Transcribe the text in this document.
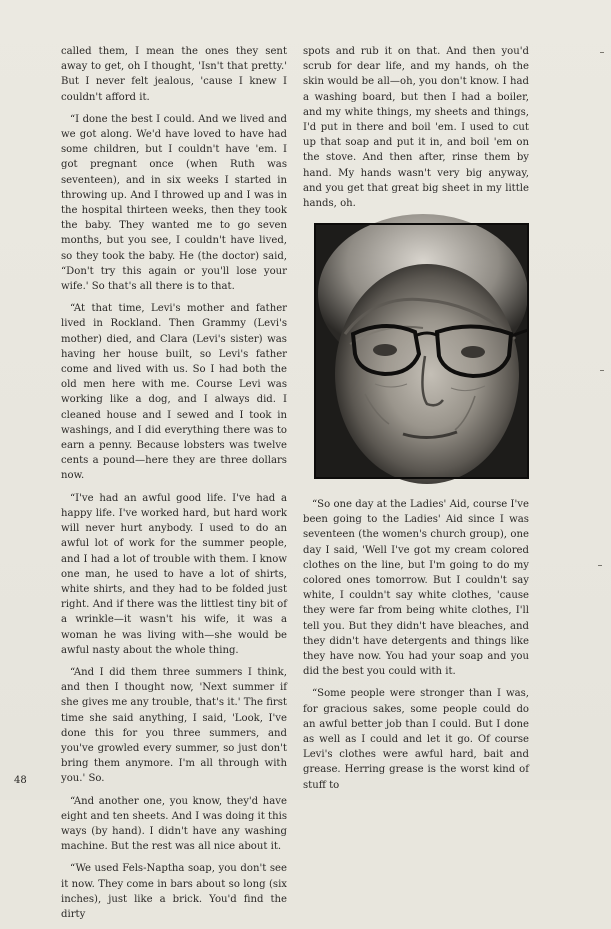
called them, I mean the ones they sent away to get, oh I thought, 'Isn't that pretty.' But I never felt jealous, 'cause I knew I couldn't afford it.

“I done the best I could. And we lived and we got along. We'd have loved to have had some children, but I couldn't have 'em. I got pregnant once (when Ruth was seventeen), and in six weeks I started in throwing up. And I throwed up and I was in the hospital thirteen weeks, then they took the baby. They wanted me to go seven months, but you see, I couldn't have lived, so they took the baby. He (the doctor) said, “Don't try this again or you'll lose your wife.' So that's all there is to that.

“At that time, Levi's mother and father lived in Rockland. Then Grammy (Levi's mother) died, and Clara (Levi's sister) was having her house built, so Levi's father come and lived with us. So I had both the old men here with me. Course Levi was working like a dog, and I always did. I cleaned house and I sewed and I took in washings, and I did everything there was to earn a penny. Because lobsters was twelve cents a pound—here they are three dollars now.

“I've had an awful good life. I've had a happy life. I've worked hard, but hard work will never hurt anybody. I used to do an awful lot of work for the summer people, and I had a lot of trouble with them. I know one man, he used to have a lot of shirts, white shirts, and they had to be folded just right. And if there was the littlest tiny bit of a wrinkle—it wasn't his wife, it was a woman he was living with—she would be awful nasty about the whole thing.

“And I did them three summers I think, and then I thought now, 'Next summer if she gives me any trouble, that's it.' The first time she said anything, I said, 'Look, I've done this for you three summers, and you've growled every summer, so just don't bring them anymore. I'm all through with you.' So.

“And another one, you know, they'd have eight and ten sheets. And I was doing it this ways (by hand). I didn't have any washing machine. But the rest was all nice about it.

“We used Fels-Naptha soap, you don't see it now. They come in bars about so long (six inches), just like a brick. You'd find the dirty

spots and rub it on that. And then you'd scrub for dear life, and my hands, oh the skin would be all—oh, you don't know. I had a washing board, but then I had a boiler, and my white things, my sheets and things, I'd put in there and boil 'em. I used to cut up that soap and put it in, and boil 'em on the stove. And then after, rinse them by hand. My hands wasn't very big anyway, and you get that great big sheet in my little hands, oh.

“So one day at the Ladies' Aid, course I've been going to the Ladies' Aid since I was seventeen (the women's church group), one day I said, 'Well I've got my cream colored clothes on the line, but I'm going to do my colored ones tomorrow. But I couldn't say white, I couldn't say white clothes, 'cause they were far from being white clothes, I'll tell you. But they didn't have bleaches, and they didn't have detergents and things like they have now. You had your soap and you did the best you could with it.

“Some people were stronger than I was, for gracious sakes, some people could do an awful better job than I could. But I done as well as I could and let it go. Of course Levi's clothes were awful hard, bait and grease. Herring grease is the worst kind of stuff to

48
